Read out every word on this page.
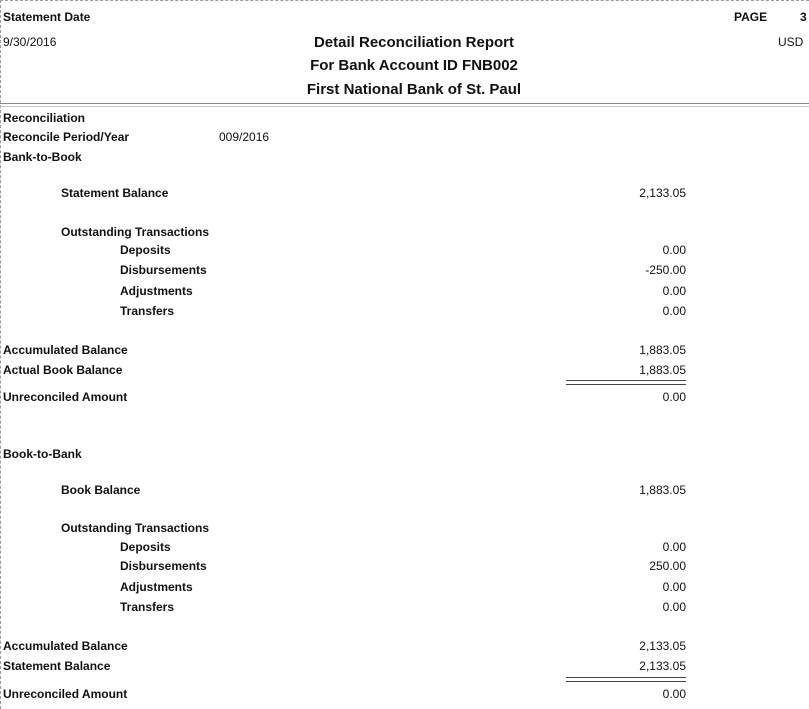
Statement Date
9/30/2016	Detail Reconciliation Report
For Bank Account ID FNB002
First National Bank of St. Paul
PAGE	3
USD
Reconciliation
Reconcile Period/Year	009/2016
Bank-to-Book
Statement Balance	2,133.05
Outstanding Transactions
Deposits	0.00
Disbursements	-250.00
Adjustments	0.00
Transfers	0.00
Accumulated Balance	1,883.05
Actual Book Balance	1,883.05
Unreconciled Amount	0.00
Book-to-Bank
Book Balance	1,883.05
Outstanding Transactions
Deposits	0.00
Disbursements	250.00
Adjustments	0.00
Transfers	0.00
Accumulated Balance	2,133.05
Statement Balance	2,133.05
Unreconciled Amount	0.00
